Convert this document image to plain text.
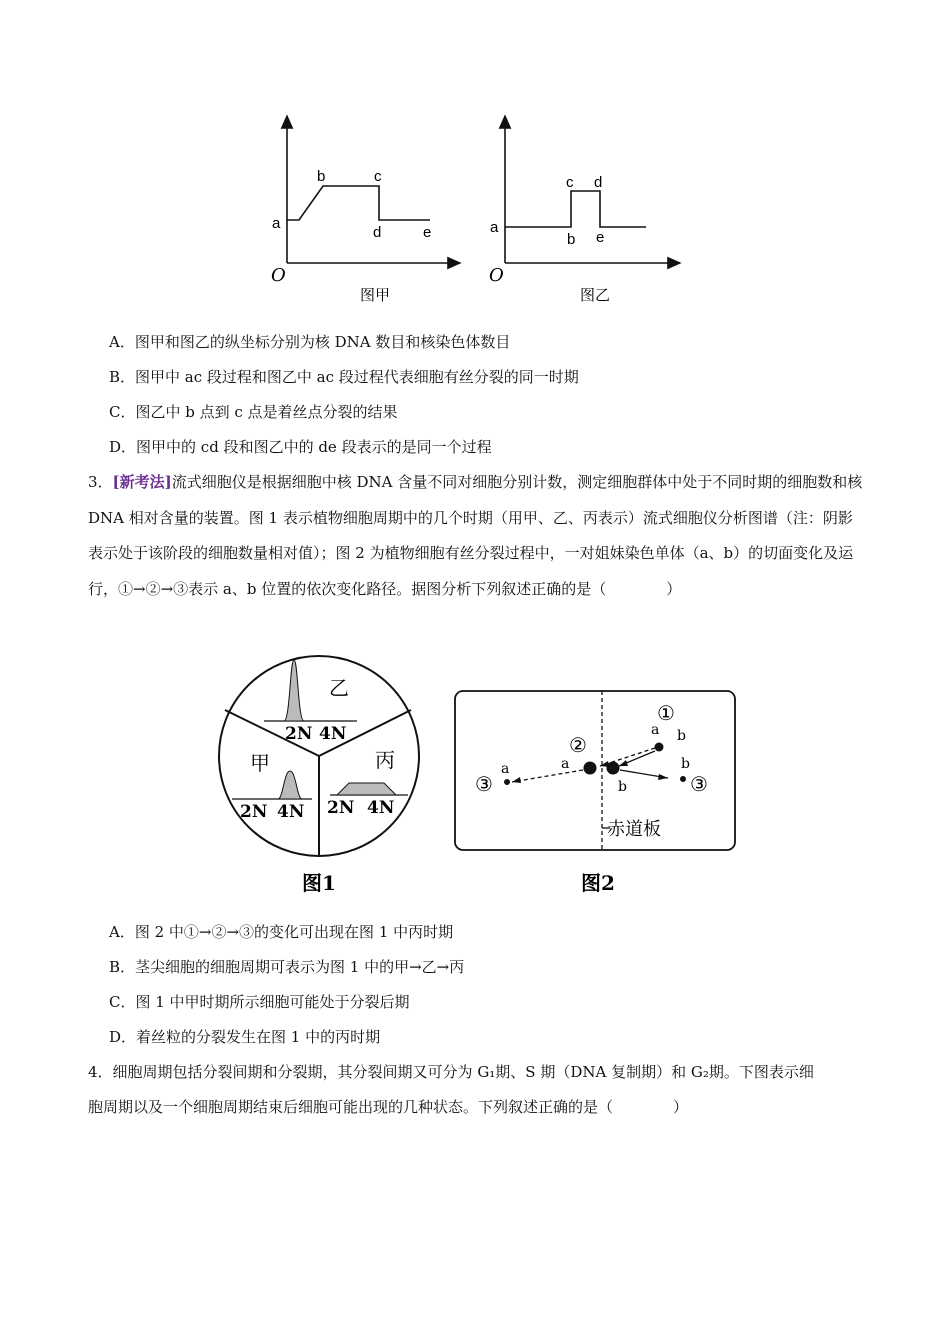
O
a
b	c
d	e
图甲
O
a
b
c d
e
图乙
A．图甲和图乙的纵坐标分别为核 DNA 数目和核染色体数目
B．图甲中 ac 段过程和图乙中 ac 段过程代表细胞有丝分裂的同一时期
C．图乙中 b 点到 c 点是着丝点分裂的结果
D．图甲中的 cd 段和图乙中的 de 段表示的是同一个过程
3．[新考法]流式细胞仪是根据细胞中核 DNA 含量不同对细胞分别计数，测定细胞群体中处于不同时期的细胞数和核 DNA 相对含量的装置。图 1 表示植物细胞周期中的几个时期（用甲、乙、丙表示）流式细胞仪分析图谱（注：阴影表示处于该阶段的细胞数量相对值）；图 2 为植物细胞有丝分裂过程中，一对姐妹染色单体（a、b）的切面变化及运行，①→②→③表示 a、b 位置的依次变化路径。据图分析下列叙述正确的是（　　　　）
乙
2N 4N
甲
2N 4N
丙
2N 4N
图1
赤道板
①
a b
②
a
b
③
a	b
③
图2
A．图 2 中①→②→③的变化可出现在图 1 中丙时期
B．茎尖细胞的细胞周期可表示为图 1 中的甲→乙→丙
C．图 1 中甲时期所示细胞可能处于分裂后期
D．着丝粒的分裂发生在图 1 中的丙时期
4．细胞周期包括分裂间期和分裂期，其分裂间期又可分为 G₁期、S 期（DNA 复制期）和 G₂期。下图表示细
胞周期以及一个细胞周期结束后细胞可能出现的几种状态。下列叙述正确的是（　　　　）
